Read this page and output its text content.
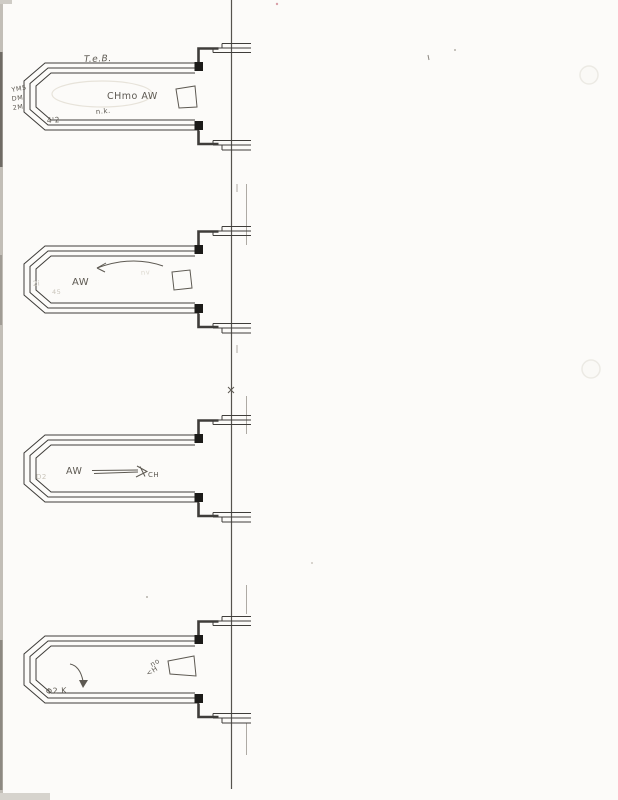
T.e.B.
CHmo AW
YM5
DM
2M	n.k.
4'2
AW
2i
45
nv
AW	CH
D2
no
<H
Φ2 K
